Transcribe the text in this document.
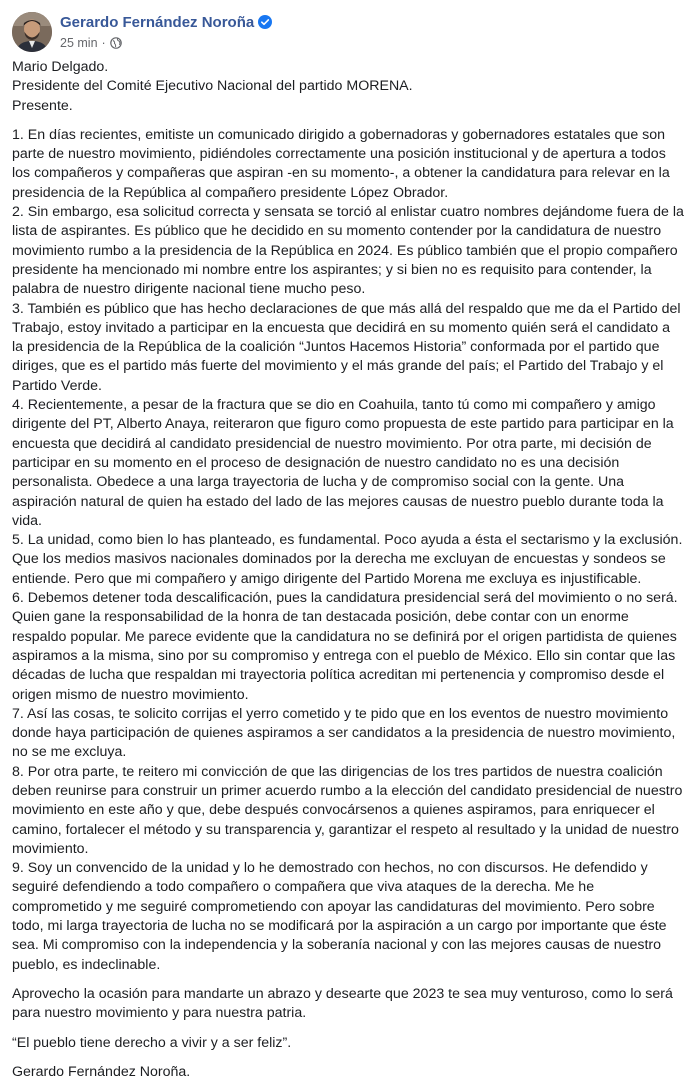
Gerardo Fernández Noroña
25 min ·

Mario Delgado.

Presidente del Comité Ejecutivo Nacional del partido MORENA.

Presente.

1. En días recientes, emitiste un comunicado dirigido a gobernadoras y gobernadores estatales que son parte de nuestro movimiento, pidiéndoles correctamente una posición institucional y de apertura a todos los compañeros y compañeras que aspiran -en su momento-, a obtener la candidatura para relevar en la presidencia de la República al compañero presidente López Obrador.

2. Sin embargo, esa solicitud correcta y sensata se torció al enlistar cuatro nombres dejándome fuera de la lista de aspirantes. Es público que he decidido en su momento contender por la candidatura de nuestro movimiento rumbo a la presidencia de la República en 2024. Es público también que el propio compañero presidente ha mencionado mi nombre entre los aspirantes; y si bien no es requisito para contender, la palabra de nuestro dirigente nacional tiene mucho peso.

3. También es público que has hecho declaraciones de que más allá del respaldo que me da el Partido del Trabajo, estoy invitado a participar en la encuesta que decidirá en su momento quién será el candidato a la presidencia de la República de la coalición “Juntos Hacemos Historia” conformada por el partido que diriges, que es el partido más fuerte del movimiento y el más grande del país; el Partido del Trabajo y el Partido Verde.

4. Recientemente, a pesar de la fractura que se dio en Coahuila, tanto tú como mi compañero y amigo dirigente del PT, Alberto Anaya, reiteraron que figuro como propuesta de este partido para participar en la encuesta que decidirá al candidato presidencial de nuestro movimiento. Por otra parte, mi decisión de participar en su momento en el proceso de designación de nuestro candidato no es una decisión personalista. Obedece a una larga trayectoria de lucha y de compromiso social con la gente. Una aspiración natural de quien ha estado del lado de las mejores causas de nuestro pueblo durante toda la vida.

5. La unidad, como bien lo has planteado, es fundamental. Poco ayuda a ésta el sectarismo y la exclusión. Que los medios masivos nacionales dominados por la derecha me excluyan de encuestas y sondeos se entiende. Pero que mi compañero y amigo dirigente del Partido Morena me excluya es injustificable.

6. Debemos detener toda descalificación, pues la candidatura presidencial será del movimiento o no será. Quien gane la responsabilidad de la honra de tan destacada posición, debe contar con un enorme respaldo popular. Me parece evidente que la candidatura no se definirá por el origen partidista de quienes aspiramos a la misma, sino por su compromiso y entrega con el pueblo de México. Ello sin contar que las décadas de lucha que respaldan mi trayectoria política acreditan mi pertenencia y compromiso desde el origen mismo de nuestro movimiento.

7. Así las cosas, te solicito corrijas el yerro cometido y te pido que en los eventos de nuestro movimiento donde haya participación de quienes aspiramos a ser candidatos a la presidencia de nuestro movimiento, no se me excluya.

8. Por otra parte, te reitero mi convicción de que las dirigencias de los tres partidos de nuestra coalición deben reunirse para construir un primer acuerdo rumbo a la elección del candidato presidencial de nuestro movimiento en este año y que, debe después convocársenos a quienes aspiramos, para enriquecer el camino, fortalecer el método y su transparencia y, garantizar el respeto al resultado y la unidad de nuestro movimiento.

9. Soy un convencido de la unidad y lo he demostrado con hechos, no con discursos. He defendido y seguiré defendiendo a todo compañero o compañera que viva ataques de la derecha. Me he comprometido y me seguiré comprometiendo con apoyar las candidaturas del movimiento. Pero sobre todo, mi larga trayectoria de lucha no se modificará por la aspiración a un cargo por importante que éste sea. Mi compromiso con la independencia y la soberanía nacional y con las mejores causas de nuestro pueblo, es indeclinable.

Aprovecho la ocasión para mandarte un abrazo y desearte que 2023 te sea muy venturoso, como lo será para nuestro movimiento y para nuestra patria.

“El pueblo tiene derecho a vivir y a ser feliz”.

Gerardo Fernández Noroña.
